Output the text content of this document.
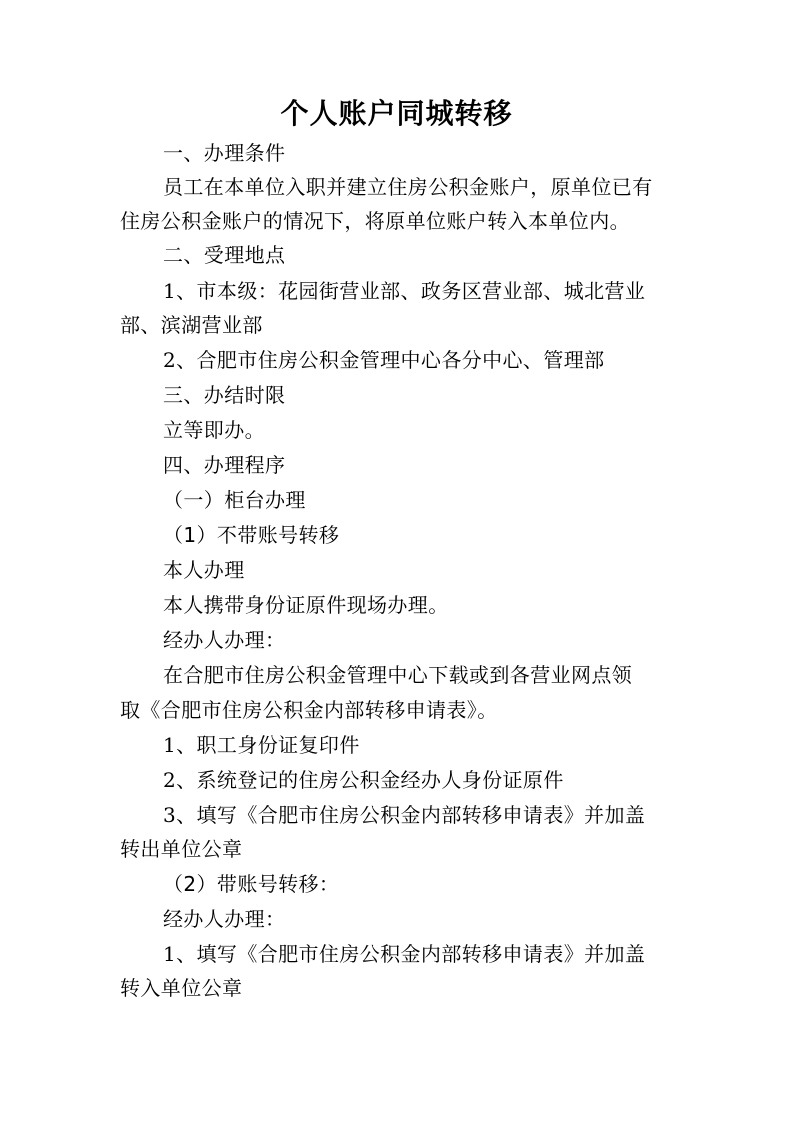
个人账户同城转移
一、办理条件
员工在本单位入职并建立住房公积金账户，原单位已有
住房公积金账户的情况下，将原单位账户转入本单位内。
二、受理地点
1、市本级：花园街营业部、政务区营业部、城北营业
部、滨湖营业部
2、合肥市住房公积金管理中心各分中心、管理部
三、办结时限
立等即办。
四、办理程序
（一）柜台办理
（1）不带账号转移
本人办理
本人携带身份证原件现场办理。
经办人办理：
在合肥市住房公积金管理中心下载或到各营业网点领
取《合肥市住房公积金内部转移申请表》。
1、职工身份证复印件
2、系统登记的住房公积金经办人身份证原件
3、填写《合肥市住房公积金内部转移申请表》并加盖
转出单位公章
（2）带账号转移：
经办人办理：
1、填写《合肥市住房公积金内部转移申请表》并加盖
转入单位公章
